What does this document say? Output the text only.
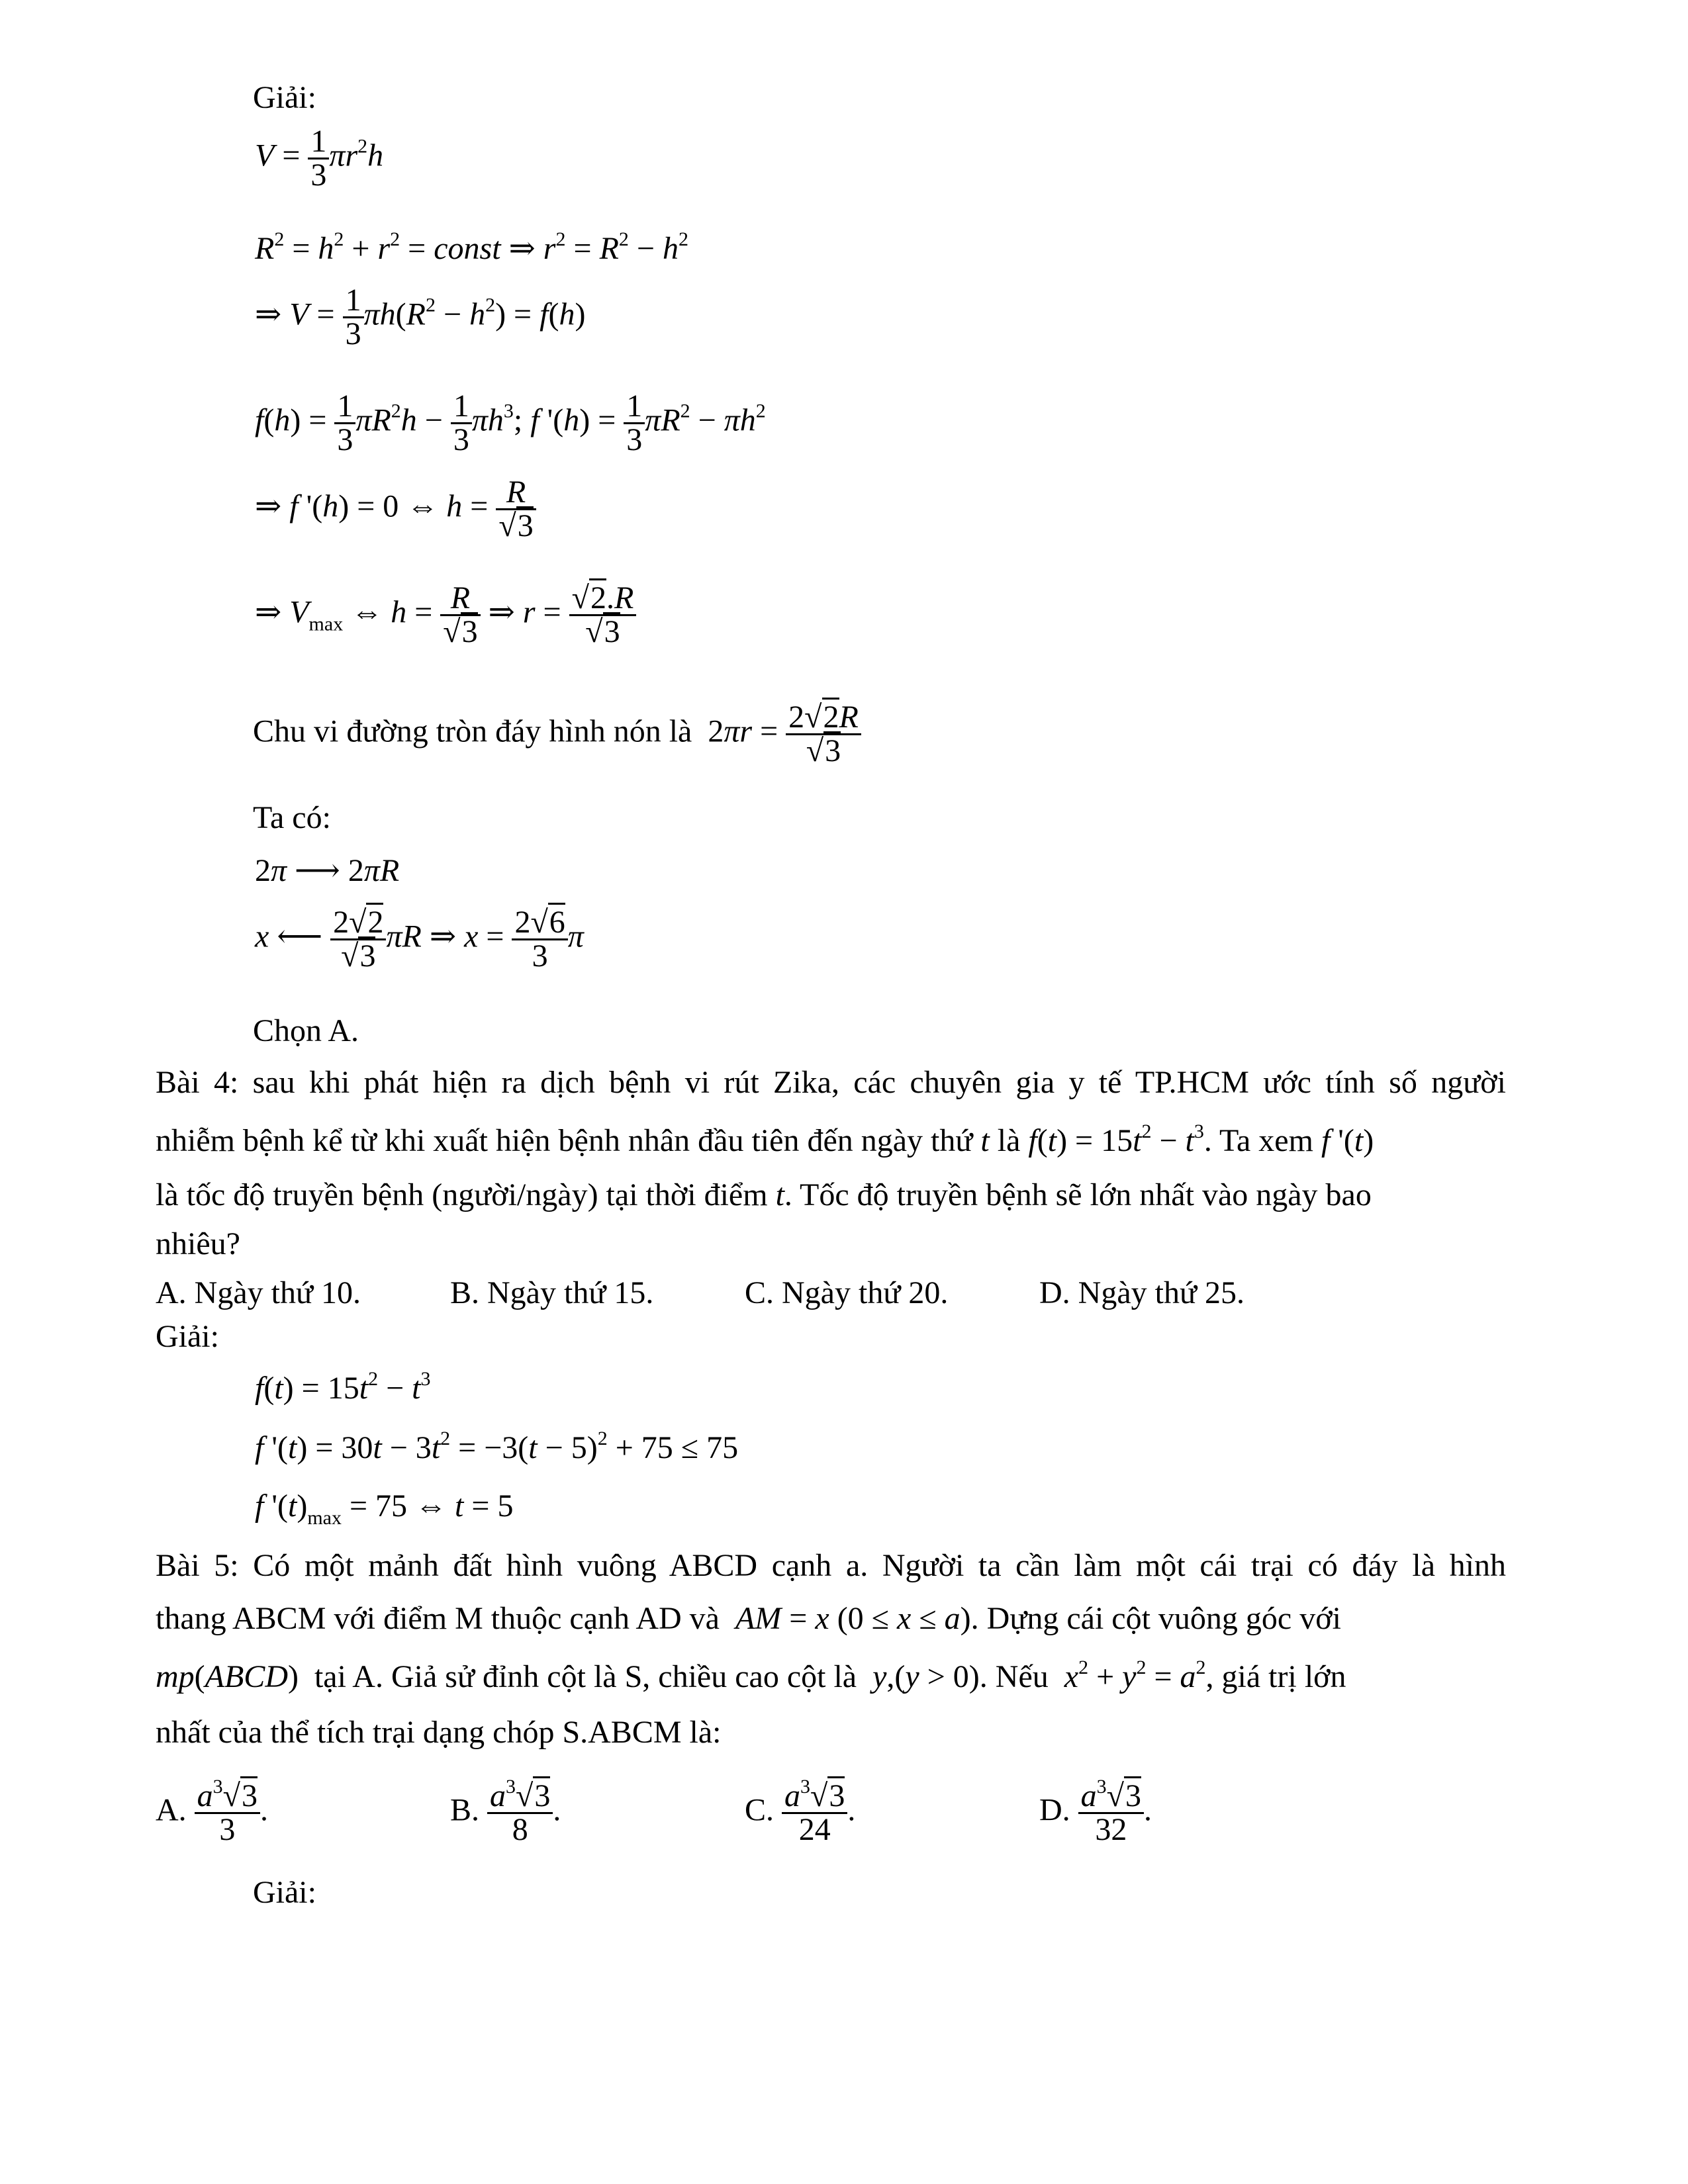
Giải:
$V = \frac{1}{3} \pi r^2h$
$R^2 = h^2 + r^2$ = const ⇒ $r^2 = R^2 - h^2$
⇒ $V = \frac{1}{3} \pi h(R^2 - h^2) = f(h)$
$f(h) = \frac{1}{3} \pi R^2h - \frac{1}{3} \pi h^3$; f '$(h) = \frac{1}{3} \pi R^2 - \pi h^2$
⇒ f '(h) = 0 ⇔ $h = \frac{R}{√3}$
⇒ $V_{max}$ ⇔ $h = \frac{R}{√3}$ ⇒ $r = \frac{√2.R}{√3}$
Chu vi đường tròn đáy hình nón là  $2\pi r = \frac{2√2R}{√3}$
Ta có:
2π ⟶ 2πR
x ⟵ $\frac{2√2}{√3}$ πR ⇒ $x = \frac{2√6}{3}$ π
Chọn A.
Bài 4: sau khi phát hiện ra dịch bệnh vi rút Zika, các chuyên gia y tế TP.HCM ước tính số người
nhiễm bệnh kể từ khi xuất hiện bệnh nhân đầu tiên đến ngày thứ t là $f(t) = 15t^2 - t^3$. Ta xem f '(t)
là tốc độ truyền bệnh (người/ngày) tại thời điểm t. Tốc độ truyền bệnh sẽ lớn nhất vào ngày bao
nhiêu?
A. Ngày thứ 10.	B. Ngày thứ 15.	C. Ngày thứ 20.	D. Ngày thứ 25.
Giải:
$f(t) = 15t^2 - t^3$
f '$(t) = 30t - 3t^2 = -3(t - 5)^2 + 75 \le 75$
f '$(t)_{max} = 75$ ⇔ t = 5
Bài 5: Có một mảnh đất hình vuông ABCD cạnh a. Người ta cần làm một cái trại có đáy là hình
thang ABCM với điểm M thuộc cạnh AD và AM = x (0 ≤ x ≤ a). Dựng cái cột vuông góc với
mp(ABCD)  tại A. Giả sử đỉnh cột là S, chiều cao cột là y,(y > 0). Nếu $x^2 + y^2 = a^2$, giá trị lớn
nhất của thể tích trại dạng chóp S.ABCM là:
A. $\frac{a^3√3}{3}$ .	B. $\frac{a^3√3}{8}$ .	C. $\frac{a^3√3}{24}$ .	D. $\frac{a^3√3}{32}$ .
Giải:
